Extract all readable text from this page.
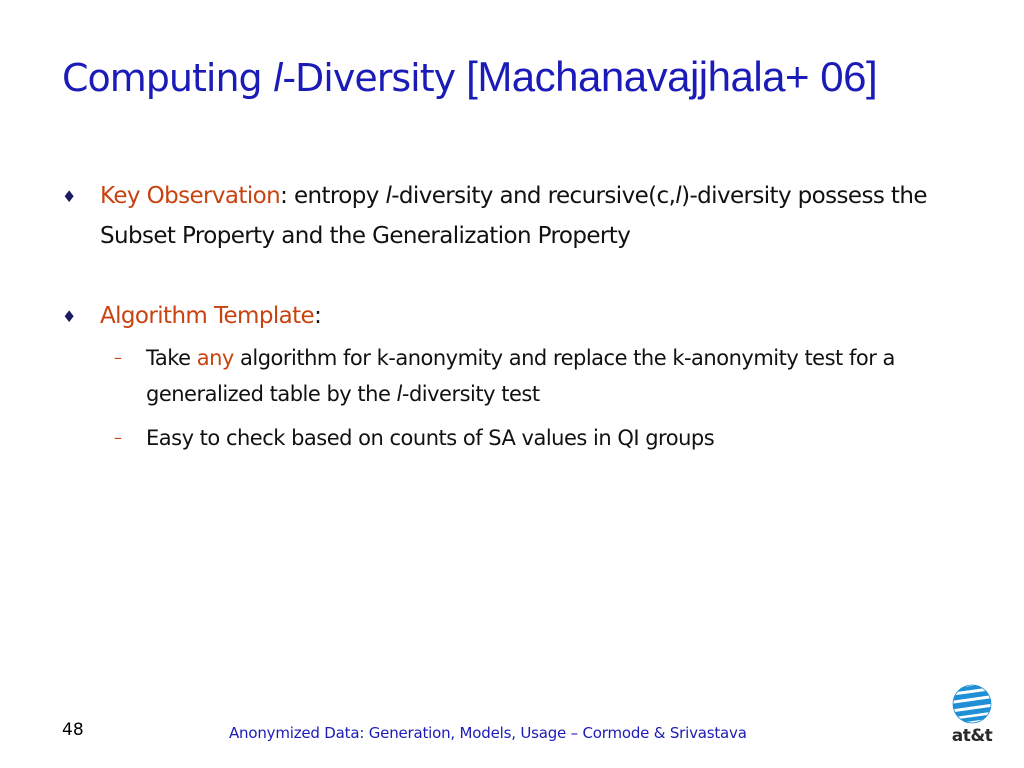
Computing l-Diversity [Machanavajjhala+ 06]
♦ Key Observation: entropy l-diversity and recursive(c,l)-diversity possess the Subset Property and the Generalization Property
♦ Algorithm Template:
– Take any algorithm for k-anonymity and replace the k-anonymity test for a generalized table by the l-diversity test
– Easy to check based on counts of SA values in QI groups
48	Anonymized Data: Generation, Models, Usage – Cormode & Srivastava	at&t
